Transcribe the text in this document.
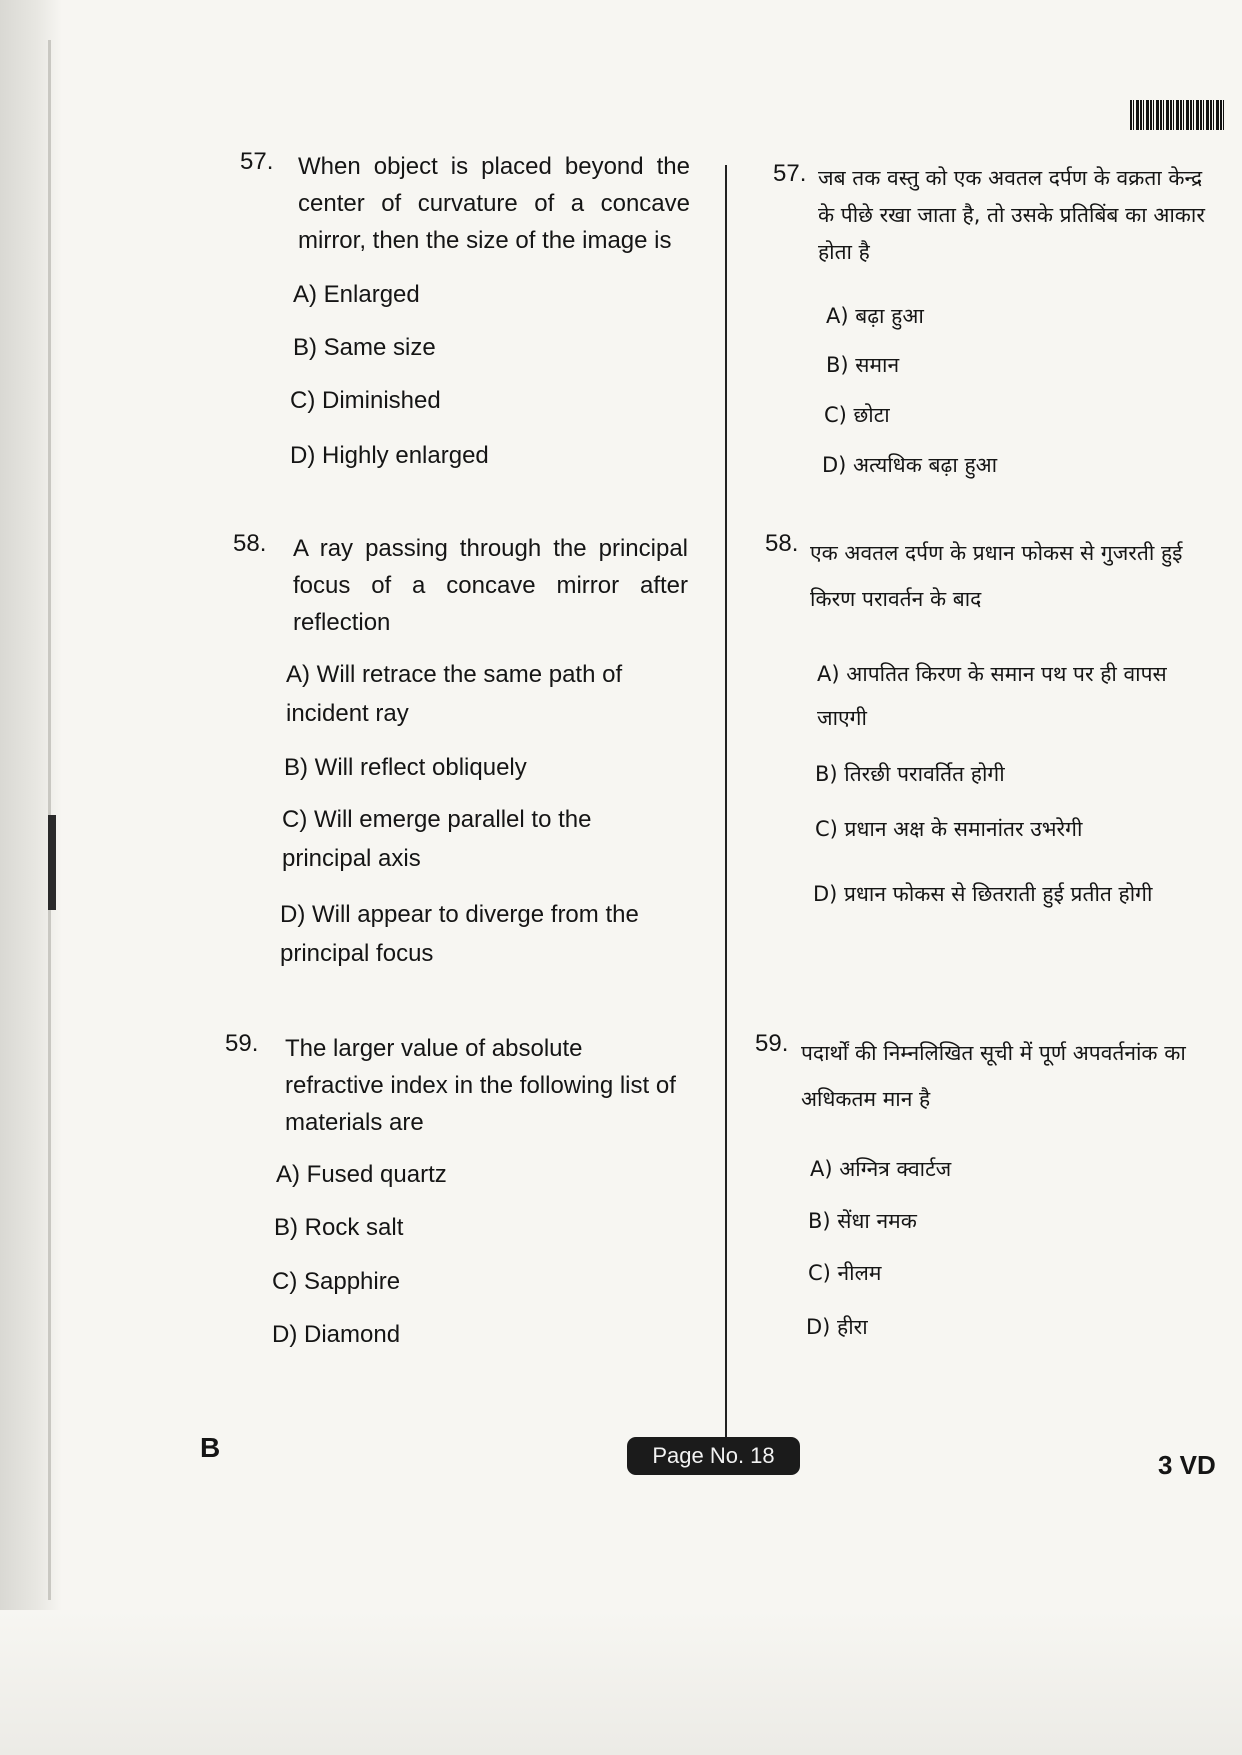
57. When object is placed beyond the center of curvature of a concave mirror, then the size of the image is
A) Enlarged
B) Same size
C) Diminished
D) Highly enlarged
58. A ray passing through the principal focus of a concave mirror after reflection
A) Will retrace the same path of incident ray
B) Will reflect obliquely
C) Will emerge parallel to the principal axis
D) Will appear to diverge from the principal focus
59. The larger value of absolute refractive index in the following list of materials are
A) Fused quartz
B) Rock salt
C) Sapphire
D) Diamond
57. जब तक वस्तु को एक अवतल दर्पण के वक्रता केन्द्र के पीछे रखा जाता है, तो उसके प्रतिबिंब का आकार होता है
A) बढ़ा हुआ
B) समान
C) छोटा
D) अत्यधिक बढ़ा हुआ
58. एक अवतल दर्पण के प्रधान फोकस से गुजरती हुई किरण परावर्तन के बाद
A) आपतित किरण के समान पथ पर ही वापस जाएगी
B) तिरछी परावर्तित होगी
C) प्रधान अक्ष के समानांतर उभरेगी
D) प्रधान फोकस से छितराती हुई प्रतीत होगी
59. पदार्थों की निम्नलिखित सूची में पूर्ण अपवर्तनांक का अधिकतम मान है
A) अग्नित्र क्वार्टज
B) सेंधा नमक
C) नीलम
D) हीरा
B	Page No. 18	3 VD
